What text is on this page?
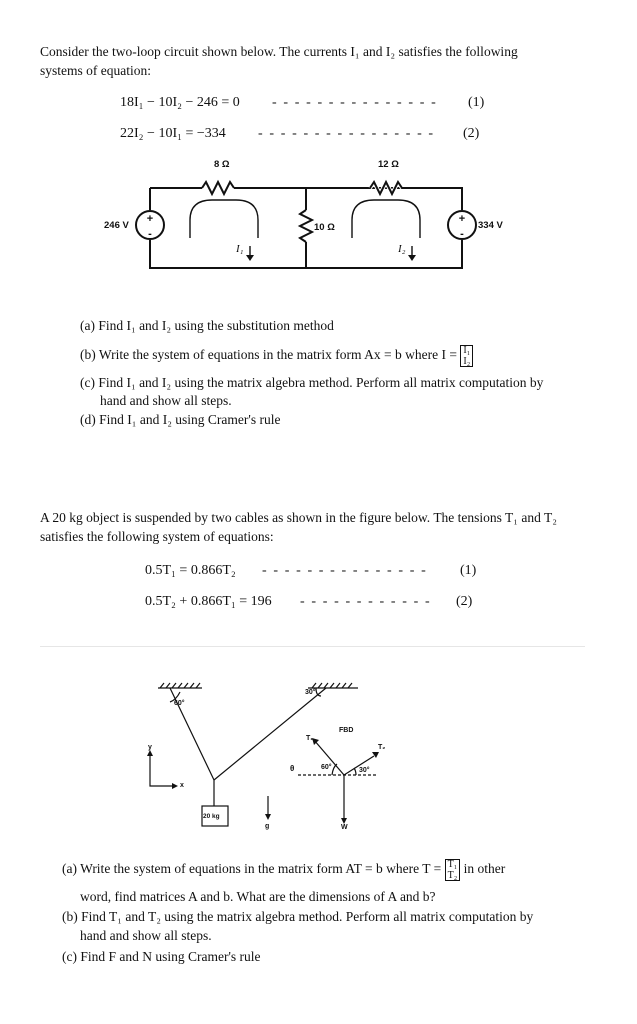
Consider the two-loop circuit shown below. The currents I₁ and I₂ satisfies the following
systems of equation:
18I₁ − 10I₂ − 246 = 0 - - - - - - - - - - - - - - - (1)
22I₂ − 10I₁ = −334 - - - - - - - - - - - - - - - - (2)
+
-
+
-
8 Ω	12 Ω
10 Ω
246 V	334 V
I₁	I₂
(a) Find I₁ and I₂ using the substitution method
(b) Write the system of equations in the matrix form Ax = b where I = I₁
I₂
(c) Find I₁ and I₂ using the matrix algebra method. Perform all matrix computation by
hand and show all steps.
(d) Find I₁ and I₂ using Cramer's rule
A 20 kg object is suspended by two cables as shown in the figure below. The tensions T₁ and T₂
satisfies the following system of equations:
0.5T₁ = 0.866T₂ - - - - - - - - - - - - - - - (1)
0.5T₂ + 0.866T₁ = 196 - - - - - - - - - - - - (2)
60°
30°
FBD
T₁
T₂
θ	60°	30°
y
x
20 kg
g	W
(a) Write the system of equations in the matrix form AT = b where T = T₁
T₂ in other
word, find matrices A and b. What are the dimensions of A and b?
(b) Find T₁ and T₂ using the matrix algebra method. Perform all matrix computation by
hand and show all steps.
(c) Find F and N using Cramer's rule
